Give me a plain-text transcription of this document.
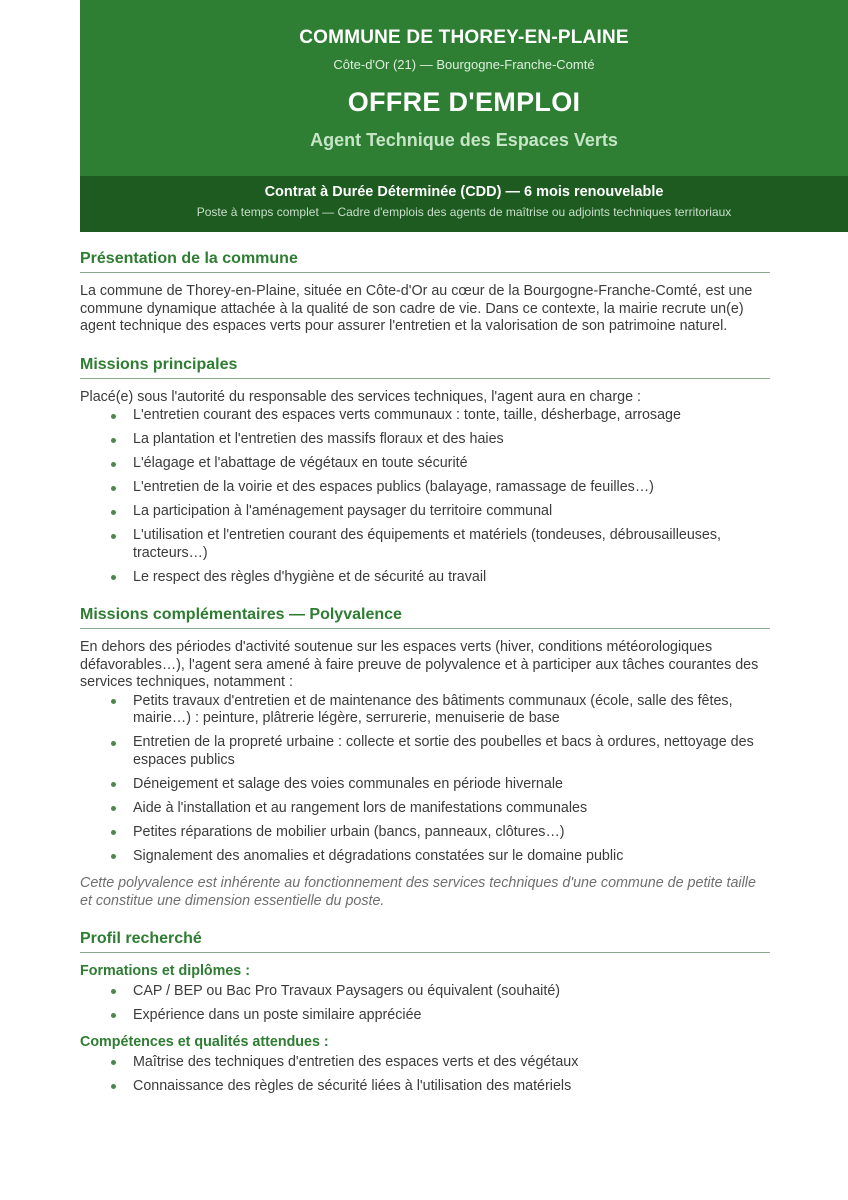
COMMUNE DE THOREY-EN-PLAINE
Côte-d'Or (21) — Bourgogne-Franche-Comté
OFFRE D'EMPLOI
Agent Technique des Espaces Verts
Contrat à Durée Déterminée (CDD) — 6 mois renouvelable
Poste à temps complet — Cadre d'emplois des agents de maîtrise ou adjoints techniques territoriaux
Présentation de la commune

La commune de Thorey-en-Plaine, située en Côte-d'Or au cœur de la Bourgogne-Franche-Comté, est une commune dynamique attachée à la qualité de son cadre de vie. Dans ce contexte, la mairie recrute un(e) agent technique des espaces verts pour assurer l'entretien et la valorisation de son patrimoine naturel.

Missions principales

Placé(e) sous l'autorité du responsable des services techniques, l'agent aura en charge :

L'entretien courant des espaces verts communaux : tonte, taille, désherbage, arrosage
La plantation et l'entretien des massifs floraux et des haies
L'élagage et l'abattage de végétaux en toute sécurité
L'entretien de la voirie et des espaces publics (balayage, ramassage de feuilles…)
La participation à l'aménagement paysager du territoire communal
L'utilisation et l'entretien courant des équipements et matériels (tondeuses, débrousailleuses, tracteurs…)
Le respect des règles d'hygiène et de sécurité au travail
Missions complémentaires — Polyvalence

En dehors des périodes d'activité soutenue sur les espaces verts (hiver, conditions météorologiques défavorables…), l'agent sera amené à faire preuve de polyvalence et à participer aux tâches courantes des services techniques, notamment :

Petits travaux d'entretien et de maintenance des bâtiments communaux (école, salle des fêtes, mairie…) : peinture, plâtrerie légère, serrurerie, menuiserie de base
Entretien de la propreté urbaine : collecte et sortie des poubelles et bacs à ordures, nettoyage des espaces publics
Déneigement et salage des voies communales en période hivernale
Aide à l'installation et au rangement lors de manifestations communales
Petites réparations de mobilier urbain (bancs, panneaux, clôtures…)
Signalement des anomalies et dégradations constatées sur le domaine public

Cette polyvalence est inhérente au fonctionnement des services techniques d'une commune de petite taille et constitue une dimension essentielle du poste.

Profil recherché
Formations et diplômes :
CAP / BEP ou Bac Pro Travaux Paysagers ou équivalent (souhaité)
Expérience dans un poste similaire appréciée
Compétences et qualités attendues :
Maîtrise des techniques d'entretien des espaces verts et des végétaux
Connaissance des règles de sécurité liées à l'utilisation des matériels
